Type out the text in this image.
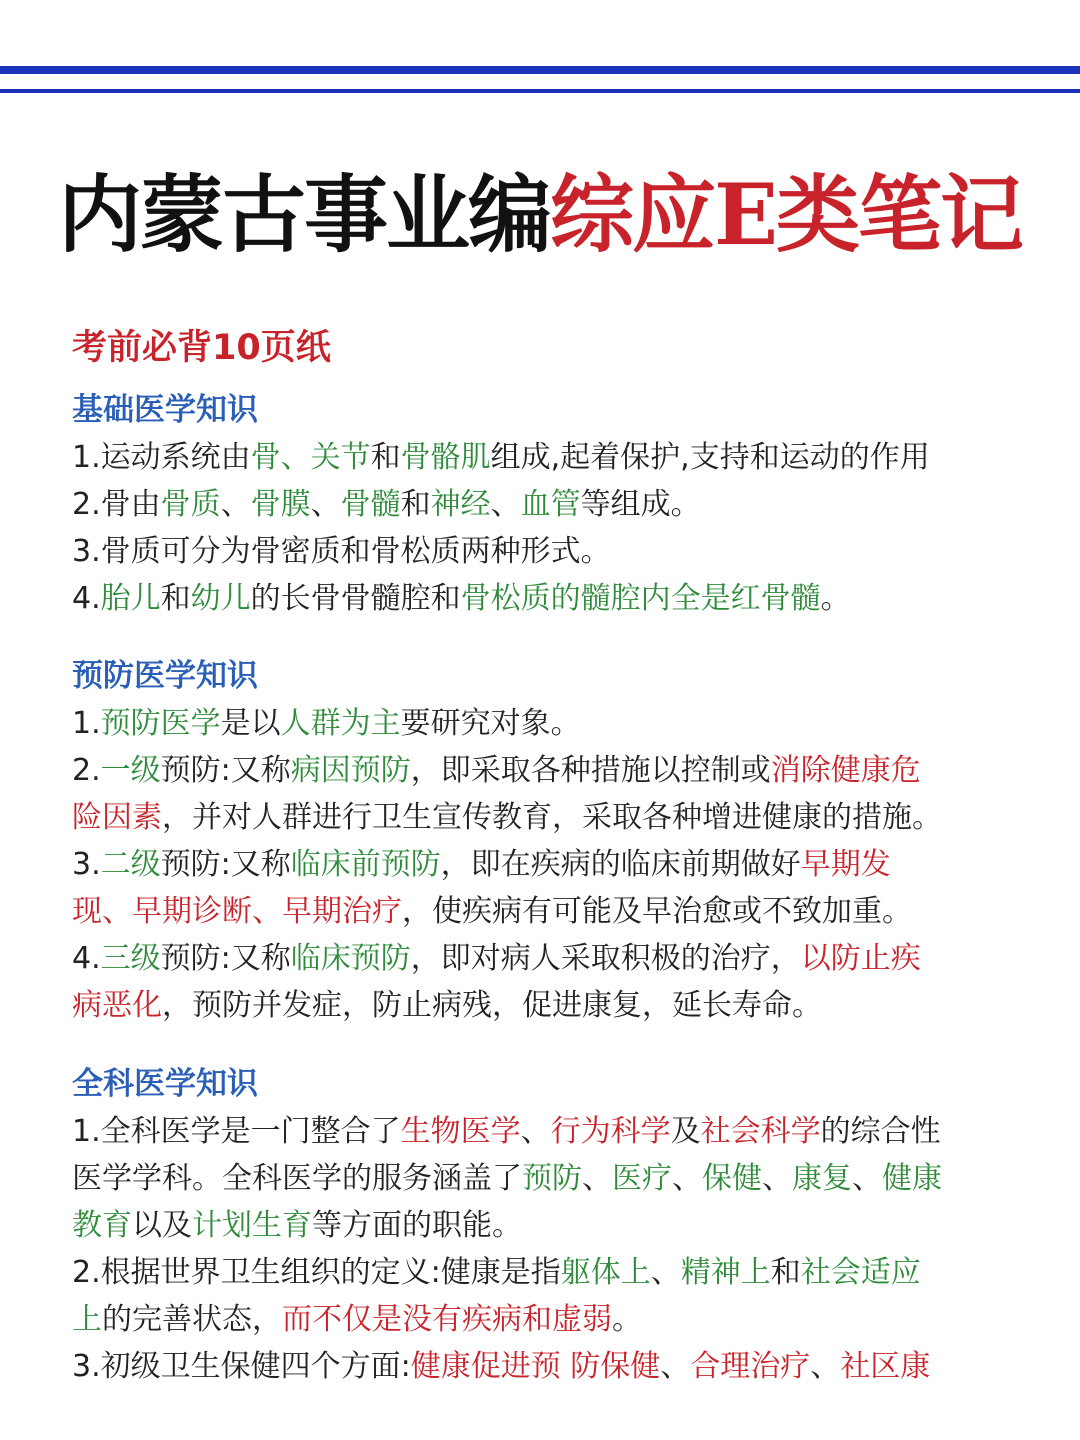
内蒙古事业编综应E类笔记
考前必背10页纸
基础医学知识
1.运动系统由骨、关节和骨骼肌组成,起着保护,支持和运动的作用
2.骨由骨质、骨膜、骨髓和神经、血管等组成。
3.骨质可分为骨密质和骨松质两种形式。
4.胎儿和幼儿的长骨骨髓腔和骨松质的髓腔内全是红骨髓。
预防医学知识
1.预防医学是以人群为主要研究对象。
2.一级预防:又称病因预防，即采取各种措施以控制或消除健康危
险因素，并对人群进行卫生宣传教育，采取各种增进健康的措施。
3.二级预防:又称临床前预防，即在疾病的临床前期做好早期发
现、早期诊断、早期治疗，使疾病有可能及早治愈或不致加重。
4.三级预防:又称临床预防，即对病人采取积极的治疗，以防止疾
病恶化，预防并发症，防止病残，促进康复，延长寿命。
全科医学知识
1.全科医学是一门整合了生物医学、行为科学及社会科学的综合性
医学学科。全科医学的服务涵盖了预防、医疗、保健、康复、健康
教育以及计划生育等方面的职能。
2.根据世界卫生组织的定义:健康是指躯体上、精神上和社会适应
上的完善状态，而不仅是没有疾病和虚弱。
3.初级卫生保健四个方面:健康促进预 防保健、合理治疗、社区康
